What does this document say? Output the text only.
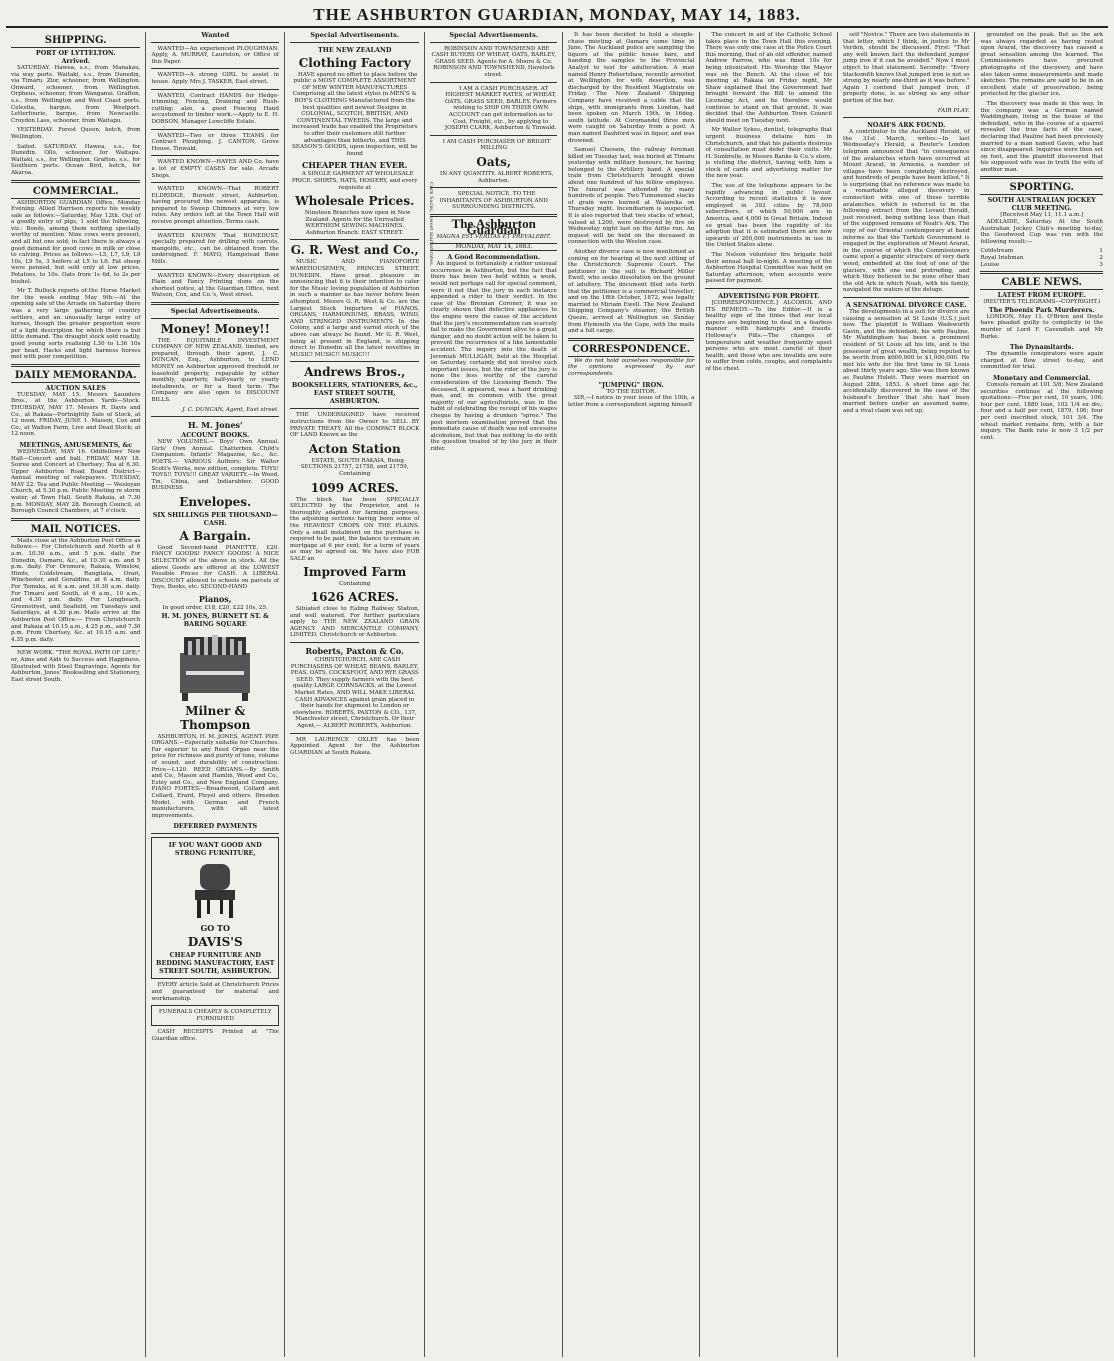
THE ASHBURTON GUARDIAN, MONDAY, MAY 14, 1883.
SHIPPING.
PORT OF LYTTELTON.
Arrived.

SATURDAY. Hawea, s.s., from Manakau, via way ports. Waitaki, s.s., from Dunedin, via Timaru. Zior, schooner, from Wellington. Onward, schooner, from Wellington. Orpheus, schooner, from Wanganui. Grafton, s.s., from Wellington and West Coast ports. Celestia, barque, from Westport. Letterfourie, barque, from Newcastle. Croydon Lass, schooner, from Waitapu.

YESTERDAY. Forest Queen, ketch, from Wellington.

Sailed. SATURDAY. Hawea, s.s., for Dunedin. Ollo, schooner, for Waitapu. Waitaki, s.s., for Wellington. Grafton, s.s., for Southern ports. Ocean Bird, ketch, for Akaroa.

COMMERCIAL.

ASHBURTON GUARDIAN Office, Monday Evening. Allied Harrison reports his weekly sale as follows:—Saturday, May 12th. Out of a goodly entry of pigs, 1 sold the following, viz.: Bonds, among them nothing specially worthy of mention. Nine cows were present, and all but one sold, in fact there is always a good demand for good cows in milk or close to calving. Prices as follows:—L5, L7, L9, L9 10s, L9 5s, 3 heifers at L5 to L6. Fat sheep were penned, but sold only at low prices. Potatoes, to 10s. Oats from 1s 6d, to 2s per bushel.

Mr T. Bullock reports of the Horse Market for the week ending May 9th:—At the opening sale of the Arcade on Saturday there was a very large gathering of country settlers, and an unusually large entry of horses, though the greater proportion were of a light description for which there is but little demand. The draught stock sold readily, good young sorts realising L30 to L36 10s per head. Hacks and light harness horses met with poor competition.

DAILY MEMORANDA.
AUCTION SALES

TUESDAY, MAY 15. Messrs Saunders Bros., at the Ashburton Yards—Stock. THURSDAY, MAY 17. Messrs R. Davis and Co., at Rakaia—Fortnightly Sale of Stock, at 12 noon. FRIDAY, JUNE 1. Maison, Cox and Co., at Walton Farm, Live and Dead Stock; at 12 noon.

MEETINGS, AMUSEMENTS, &c

WEDNESDAY, MAY 16. Oddfellows' New Hall—Concert and ball. FRIDAY, MAY 18. Soiree and Concert at Chertsey; Tea at 6.30. Upper Ashburton Road Board District—Annual meeting of ratepayers. TUESDAY, MAY 22. Tea and Public Meeting — Wesleyan Church, at 5.30 p.m. Public Meeting re storm water, at Town Hall, South Rakaia, at 7.30 p.m. MONDAY, MAY 28. Borough Council, at Borough Council Chambers, at 7 o'clock.

MAIL NOTICES.

Mails close at the Ashburton Post Office as follows:— For Christchurch and North at 6 a.m. 10.30 a.m., and 5 p.m. daily. For Dunedin, Oamaru, &c., at 10.30 a.m. and 5 p.m. daily. For Dromore, Rakaia, Winslow, Hinds, Coldstream, Rangitata, Orari, Winchester, and Geraldine, at 6 a.m. daily. For Temuka, at 6 a.m. and 10.30 a.m. daily. For Timaru and South, at 6 a.m., 10 a.m., and 4.30 p.m. daily. For Longbeach, Greenstreet, and Seafield, on Tuesdays and Saturdays, at 4.30 p.m. Mails arrive at the Ashburton Post Office:— From Christchurch and Rakaia at 10.15 a.m., 4.25 p.m., and 7.30 p.m. From Chertsey, &c. at 10.15 a.m. and 4.35 p.m. daily.

NEW WORK. "THE ROYAL PATH OF LIFE;" or, Aims and Aids to Success and Happiness. Illustrated with Steel Engravings. Agents for Ashburton, Jones' Bookselling and Stationery, East street South.

Wanted

WANTED—An experienced PLOUGHMAN. Apply, A. MURRAY, Lauriston; or Office of this Paper.

WANTED—A strong GIRL to assist in house. Apply Mrs J. TASKER, East street.

WANTED, Contract HANDS for Hedge-trimming, Fencing, Draining and Rush-cutting; also, a good Fencing Hand accustomed to timber work.—Apply to E. H. DOBSON, Manager Lowcliffe Estate.

WANTED—Two or three TEAMS for Contract Ploughing. J. CANTON, Grove House, Tinwald.

WANTED KNOWN—HAYES AND Co. have a lot of EMPTY CASES for sale. Arcade Shops.

WANTED KNOWN—That ROBERT ELDRIDGE, Burnett street, Ashburton, having procured the newest apparatus, is prepared to Sweep Chimneys at very low rates. Any orders left at the Town Hall will receive prompt attention. Terms cash.

WANTED KNOWN That BONEDUST, specially prepared for drilling with carrots, mangolds, etc., can be obtained from the undersigned. F. MAYO, Hampstead Bone Mills.

WANTED KNOWN—Every description of Plain and Fancy Printing done on the shortest notice, at the Guardian Office, next Watson, Cox, and Co.'s, West street.

Special Advertisements.
Money! Money!!

THE EQUITABLE INVESTMENT COMPANY OF NEW ZEALAND, limited, are prepared, through their agent, J. C. DUNCAN, Esq., Ashburton, to LEND MONEY on Ashburton approved freehold or leasehold property, repayable by either monthly, quarterly, half-yearly or yearly instalments, or for a fixed term. The Company are also open to DISCOUNT BILLS.

J. C. DUNCAN, Agent, East street.
H. M. Jones'
ACCOUNT BOOKS.

NEW VOLUMES.— Boys' Own Annual. Girls' Own Annual. Chatterbox. Child's Companion. Infants' Magazine, &c., &c. POETS.— VARIOUS Authors; Sir Walter Scott's Works, new edition, complete. TOYS! TOYS!! TOYS!!! GREAT VARIETY.—In Wood, Tin, China, and Indiarubber. GOOD BUSINESS

Envelopes.
SIX SHILLINGS PER THOUSAND—CASH.
A Bargain.

Good Second-hand PIANETTE, £20. FANCY GOODS! FANCY GOODS! A NICE SELECTION of the above in stock. All the above Goods are offered at the LOWEST Possible Prices for CASH. A LIBERAL DISCOUNT allowed to schools on parcels of Toys, Books, etc. SECOND-HAND

Pianos,
In good order, £18, £20, £22 10s, 25.
H. M. JONES, BURNETT ST. & BARING SQUARE
Milner & Thompson

ASHBURTON, H. M. JONES, AGENT. PIPE ORGANS.—Especially suitable for Churches. Far superior to any Reed Organ near the price for richness and purity of tone, volume of sound, and durability of construction. Price—L120. REED ORGANS.—By Smith and Co., Mason and Hamlin, Wood and Co., Estey and Co., and New England Company. PIANO FORTES.—Broadwood, Collard and Collard, Erard, Pleyel and others. Dresden Model, with German and French manufacturers, with all latest improvements.

DEFERRED PAYMENTS
IF YOU WANT GOOD AND STRONG FURNITURE,
GO TO
DAVIS'S
CHEAP FURNITURE AND BEDDING MANUFACTORY, EAST STREET SOUTH, ASHBURTON.

EVERY article Sold at Christchurch Prices and guaranteed for material and workmanship.

FUNERALS CHEAPLY & COMPLETELY FURNISHED

CASH RECEIPTS Printed at "The Guardian office.

Special Advertisements.
THE NEW ZEALAND
Clothing Factory

HAVE spared no effort to place before the public a MOST COMPLETE ASSORTMENT OF NEW WINTER MANUFACTURES Comprising all the latest styles in MEN'S & BOY'S CLOTHING Manufactured from the best qualities and newest Designs in COLONIAL, SCOTCH, BRITISH, AND CONTINENTAL TWEEDS. The large and increased trade has enabled the Proprietors to offer their customers still further advantages than hitherto, and THIS SEASON'S GOODS, upon inspection, will be found

CHEAPER THAN EVER.

A SINGLE GARMENT AT WHOLESALE PRICE. SHIRTS, HATS, HOSIERY, and every requisite at

Wholesale Prices.

Nineteen Branches now open in New Zealand. Agents for the Unrivalled WERTHEIM SEWING MACHINES. Ashburton Branch: EAST STREET.

G. R. West and Co.,

MUSIC AND PIANOFORTE WAREHOUSEMEN, PRINCES STREET, DUNEDIN. Have great pleasure in announcing that it is their intention to cater for the Music loving population of Ashburton in such a manner as has never before been attempted. Messrs G. R. West & Co. are the Largest Stock Importers of PIANOS, ORGANS, HARMONIUMS, BRASS, WIND, AND STRINGED INSTRUMENTS In the Colony, and a large and varied stock of the above can always be found. Mr G. R. West, being at present in England, is shipping direct to Dunedin all the latest novelties in MUSIC! MUSIC!! MUSIC!!!

Andrews Bros.,
BOOKSELLERS, STATIONERS, &c., EAST STREET SOUTH, ASHBURTON.

THE UNDERSIGNED have received instructions from the Owner to SELL BY PRIVATE TREATY, All the COMPACT BLOCK OF LAND Known as the

Acton Station

ESTATE, SOUTH RAKAIA, Being SECTIONS 21757, 21758, and 21759, Containing

1099 ACRES.

The block has been SPECIALLY SELECTED by the Proprietor, and is thoroughly adapted for farming purposes, the adjoining sections having been some of the HEAVIEST CROPS ON THE PLAINS. Only a small instalment on the purchase is required to be paid, the balance to remain on mortgage at 6 per cent. for a term of years as may be agreed on. We have also FOR SALE an

Improved Farm
Containing
1626 ACRES.

Situated close to Ealing Railway Station, and well watered. For further particulars apply to THE NEW ZEALAND GRAIN AGENCY AND MERCANTILE COMPANY, LIMITED, Christchurch or Ashburton.

Roberts, Paxton & Co.

CHRISTCHURCH, ARE CASH PURCHASERS OF WHEAT, BEANS, BARLEY, PEAS, OATS, COCKSFOOT, AND RYE GRASS SEED. They supply farmers with the best quality LARGE CORNSACKS, at the Lowest Market Rates, AND WILL MAKE LIBERAL CASH ADVANCES against grain placed in their hands for shipment to London or elsewhere. ROBERTS, PAXTON & CO., 137, Manchester street, Christchurch. Or their Agent,— ALBERT ROBERTS, Ashburton.

MR LAURENCE OXLEY has been Appointed Agent for the Ashburton GUARDIAN at South Rakaia.

Special Advertisements.

ROBINSON AND TOWNSHEND ARE CASH BUYERS OF WHEAT, OATS, BARLEY, GRASS SEED. Agents for A. Moore & Co. ROBINSON AND TOWNSHEND, Havelock street.

I AM A CASH PURCHASER, AT HIGHEST MARKET RATES, of WHEAT, OATS, GRASS SEED, BARLEY. Farmers wishing to SHIP ON THEIR OWN ACCOUNT can get information as to Cost, Freight, etc., by applying to JOSEPH CLARK, Ashburton & Tinwald.

Corn Sacks, lowest market rates.

I AM CASH PURCHASER OF BRIGHT MILLING

Oats,

IN ANY QUANTITY. ALBERT ROBERTS, Ashburton.

SPECIAL NOTICE. TO THE INHABITANTS OF ASHBURTON AND SURROUNDING DISTRICTS.

The Ashburton Guardian
MAGNA EST VERITAS ET PREVALEBIT.
MONDAY, MAY 14, 1883.
A Good Recommendation.

An inquest is fortunately a rather unusual occurrence in Ashburton, but the fact that there has been two held within a week, would not perhaps call for special comment, were it not that the jury in each instance appended a rider to their verdict. In the case of the Brennan Coroner, it was so clearly shown that defective appliances to the engine were the cause of the accident that the jury's recommendation can scarcely fail to make the Government alive to a great danger, and no doubt action will be taken to prevent the recurrence of a like lamentable accident. The inquiry into the death of Jeremiah MULLIGAN, held at the Hospital on Saturday, certainly did not involve such important issues, but the rider of the jury is none the less worthy of the careful consideration of the Licensing Bench. The deceased, it appeared, was a hard drinking man, and, in common with the great majority of our agriculturists, was in the habit of celebrating the receipt of his wages cheque by having a drunken "spree." The post mortem examination proved that the immediate cause of death was not excessive alcoholism, but that has nothing to do with the question treated of by the jury in their rider.

It has been decided to hold a steeple-chase meeting at Oamaru some time in June. The Auckland police are sampling the liquors at the public house bars, and handing the samples to the Provincial Analyst to test for adulteration. A man named Henry Robertshaw, recently arrested at Wellington for wife desertion, was discharged by the Resident Magistrate on Friday. The New Zealand Shipping Company have received a cable that the ships, with immigrants from London, had been spoken on March 19th, in 16deg. south latitude. At Coromandel three men were caught on Saturday from a pool. A man named Dashford was in liquor, and was drowned.

Samuel Chesson, the railway foreman killed on Tuesday last, was buried at Timaru yesterday with military honours, he having belonged to the Artillery band. A special train from Christchurch brought down about one hundred of his fellow employes. The funeral was attended by many hundreds of people. Two Tumunened stacks of grain were burned at Waiareka on Thursday night. Incendiarism is suspected. It is also reported that two stacks of wheat, valued at L200, were destroyed by fire on Wednesday night last on the Airlie run. An inquest will be held on the deceased in connection with the Weston case.

Another divorce case is now mentioned as coming on for hearing at the next sitting of the Christchurch Supreme Court. The petitioner in the suit is Richard Miller Ewell, who seeks dissolution on the ground of adultery. The document filed sets forth that the petitioner is a commercial traveller, and on the 18th October, 1872, was legally married to Miriam Ewell. The New Zealand Shipping Company's steamer, the British Queen, arrived at Wellington on Sunday from Plymouth via the Cape, with the mails and a full cargo.

CORRESPONDENCE.

We do not hold ourselves responsible for the opinions expressed by our correspondents.

"JUMPING" IRON.
TO THE EDITOR.

SIR,—I notice in your issue of the 10th, a letter from a correspondent signing himself

The concert in aid of the Catholic School takes place in the Town Hall this evening. There was only one case at the Police Court this morning, that of an old offender, named Andrew Farrow, who was fined 10s for being intoxicated. His Worship the Mayor was on the Bench. At the close of his meeting at Rakaia on Friday night, Mr Shaw explained that the Government had brought forward the Bill to amend the Licensing Act, and he therefore would continue to stand on that ground. It was decided that the Ashburton Town Council should meet on Tuesday next.

Mr Walter Sykes, dentist, telegraphs that urgent business detains him in Christchurch, and that his patients desirous of consultation must defer their visits. Mr H. Sunbrelle, in Messrs Banks & Co.'s store, is visiting the district, having with him a stock of cards and advertising matter for the new year.

The use of the telephone appears to be rapidly advancing in public favour. According to recent statistics it is now employed in 393 cities by 78,000 subscribers, of which 50,000 are in America, and 4,000 in Great Britain. Indeed so great has been the rapidity of its adoption that it is estimated there are now upwards of 200,000 instruments in use in the United States alone.

The Nelson volunteer fire brigade hold their annual ball to-night. A meeting of the Ashburton Hospital Committee was held on Saturday afternoon, when accounts were passed for payment.

ADVERTISING FOR PROFIT.

[CORRESPONDENCE.] ALCOHOL AND ITS REMEDY.—To the Editor.—It is a healthy sign of the times that our local papers are beginning to deal in a fearless manner with bankrupts and frauds. Holloway's Pills.—The changes of temperature and weather frequently upset persons who are most careful of their health, and those who are invalids are sure to suffer from colds, coughs, and complaints of the chest.

self "Novice." There are two statements in that letter, which I think, in justice to Mr Verdon, should be discussed. First: "That any well known fact the defendant jumper jump iron if it can be avoided." Now I must object to that statement. Secondly: "Every blacksmith knows that jumped iron is not so strong by nearly one-third as it was before." Again I contend that jumped iron, if properly done, is as strong as any other portion of the bar.

FAIR PLAY.
NOAH'S ARK FOUND.

A contributor to the Auckland Herald, of the 31st March, writes:—In last Wednesday's Herald, a Reuter's London telegram announced that "in consequence of the avalanches which have occurred at Mount Ararat, in Armenia, a number of villages have been completely destroyed, and hundreds of people have been killed." It is surprising that no reference was made to a remarkable alleged discovery in connection with one of these terrible avalanches, which is referred to in the following extract from the Levant Herald, just received, being nothing less than that of the supposed remains of Noah's Ark. The copy of our Oriental contemporary at hand informs us that the Turkish Government is engaged in the exploration of Mount Ararat, in the course of which the Commissioners came upon a gigantic structure of very dark wood, embedded at the foot of one of the glaciers, with one end protruding, and which they believed to be none other than the old Ark in which Noah, with his family, navigated the waters of the deluge.

A SENSATIONAL DIVORCE CASE.

The developments in a suit for divorce are causing a sensation at St Louis (U.S.) just now. The plaintiff is William Wadsworth Gavin, and the defendant, his wife Pauline. Mr Waddingham has been a prominent resident of St Louis all his life, and is the possessor of great wealth, being reputed to be worth from $600,000 to $1,000,000. He met his wife for the first time in St Louis about thirty years ago. She was then known as Pauline Hulett. They were married on August 28th, 1853. A short time ago he accidentally discovered in the case of the husband's brother that she had been married before under an assumed name, and a rival claim was set up.

grounded on the peak. But as the ark was always regarded as having rested upon Ararat, the discovery has caused a great sensation among the learned. The Commissioners have procured photographs of the discovery, and have also taken some measurements and made sketches. The remains are said to be in an excellent state of preservation, being protected by the glacier ice.

The discovery was made in this way. In the company was a German named Waddingham, living in the house of the defendant, who in the course of a quarrel revealed the true facts of the case, declaring that Pauline had been previously married to a man named Gavin, who had since disappeared. Inquiries were then set on foot, and the plaintiff discovered that his supposed wife was in truth the wife of another man.

SPORTING.
SOUTH AUSTRALIAN JOCKEY CLUB MEETING.
[Received May 11, 11.1 a.m.]

ADELAIDE, Saturday. At the South Australian Jockey Club's meeting to-day, the Goodwood Cup was run with the following result:—

Coldstream	1
Royal Irishman	2
Louise	3
CABLE NEWS.
LATEST FROM EUROPE.
(REUTER'S TELEGRAMS—COPYRIGHT.)
The Phoenix Park Murderers.

LONDON, May 11. O'Brien and Doyle have pleaded guilty to complicity in the murder of Lord F. Cavendish and Mr Burke.

The Dynamitards.

The dynamite conspirators were again charged at Bow street to-day, and committed for trial.

Monetary and Commercial.

Consols remain at 101 3/8; New Zealand securities continue at the following quotations:—Five per cent, 10 years, 106; four per cent, 1880 loan, 102 1/4 ex div.; four and a half per cent, 1879, 106; four per cent inscribed stock, 101 3/4. The wheat market remains firm, with a fair inquiry. The Bank rate is now 3 1/2 per cent.
